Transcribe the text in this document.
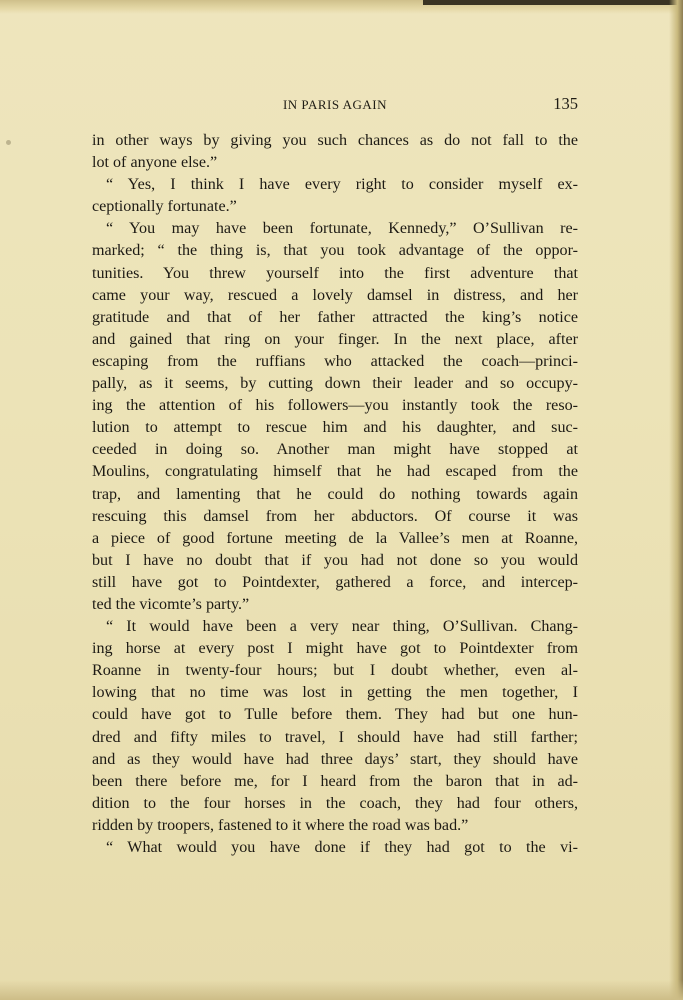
IN PARIS AGAIN	135
in other ways by giving you such chances as do not fall to the
lot of anyone else.”
“ Yes, I think I have every right to consider myself ex-
ceptionally fortunate.”
“ You may have been fortunate, Kennedy,” O’Sullivan re-
marked; “ the thing is, that you took advantage of the oppor-
tunities. You threw yourself into the first adventure that
came your way, rescued a lovely damsel in distress, and her
gratitude and that of her father attracted the king’s notice
and gained that ring on your finger. In the next place, after
escaping from the ruffians who attacked the coach—princi-
pally, as it seems, by cutting down their leader and so occupy-
ing the attention of his followers—you instantly took the reso-
lution to attempt to rescue him and his daughter, and suc-
ceeded in doing so. Another man might have stopped at
Moulins, congratulating himself that he had escaped from the
trap, and lamenting that he could do nothing towards again
rescuing this damsel from her abductors. Of course it was
a piece of good fortune meeting de la Vallee’s men at Roanne,
but I have no doubt that if you had not done so you would
still have got to Pointdexter, gathered a force, and intercep-
ted the vicomte’s party.”
“ It would have been a very near thing, O’Sullivan. Chang-
ing horse at every post I might have got to Pointdexter from
Roanne in twenty-four hours; but I doubt whether, even al-
lowing that no time was lost in getting the men together, I
could have got to Tulle before them. They had but one hun-
dred and fifty miles to travel, I should have had still farther;
and as they would have had three days’ start, they should have
been there before me, for I heard from the baron that in ad-
dition to the four horses in the coach, they had four others,
ridden by troopers, fastened to it where the road was bad.”
“ What would you have done if they had got to the vi-
